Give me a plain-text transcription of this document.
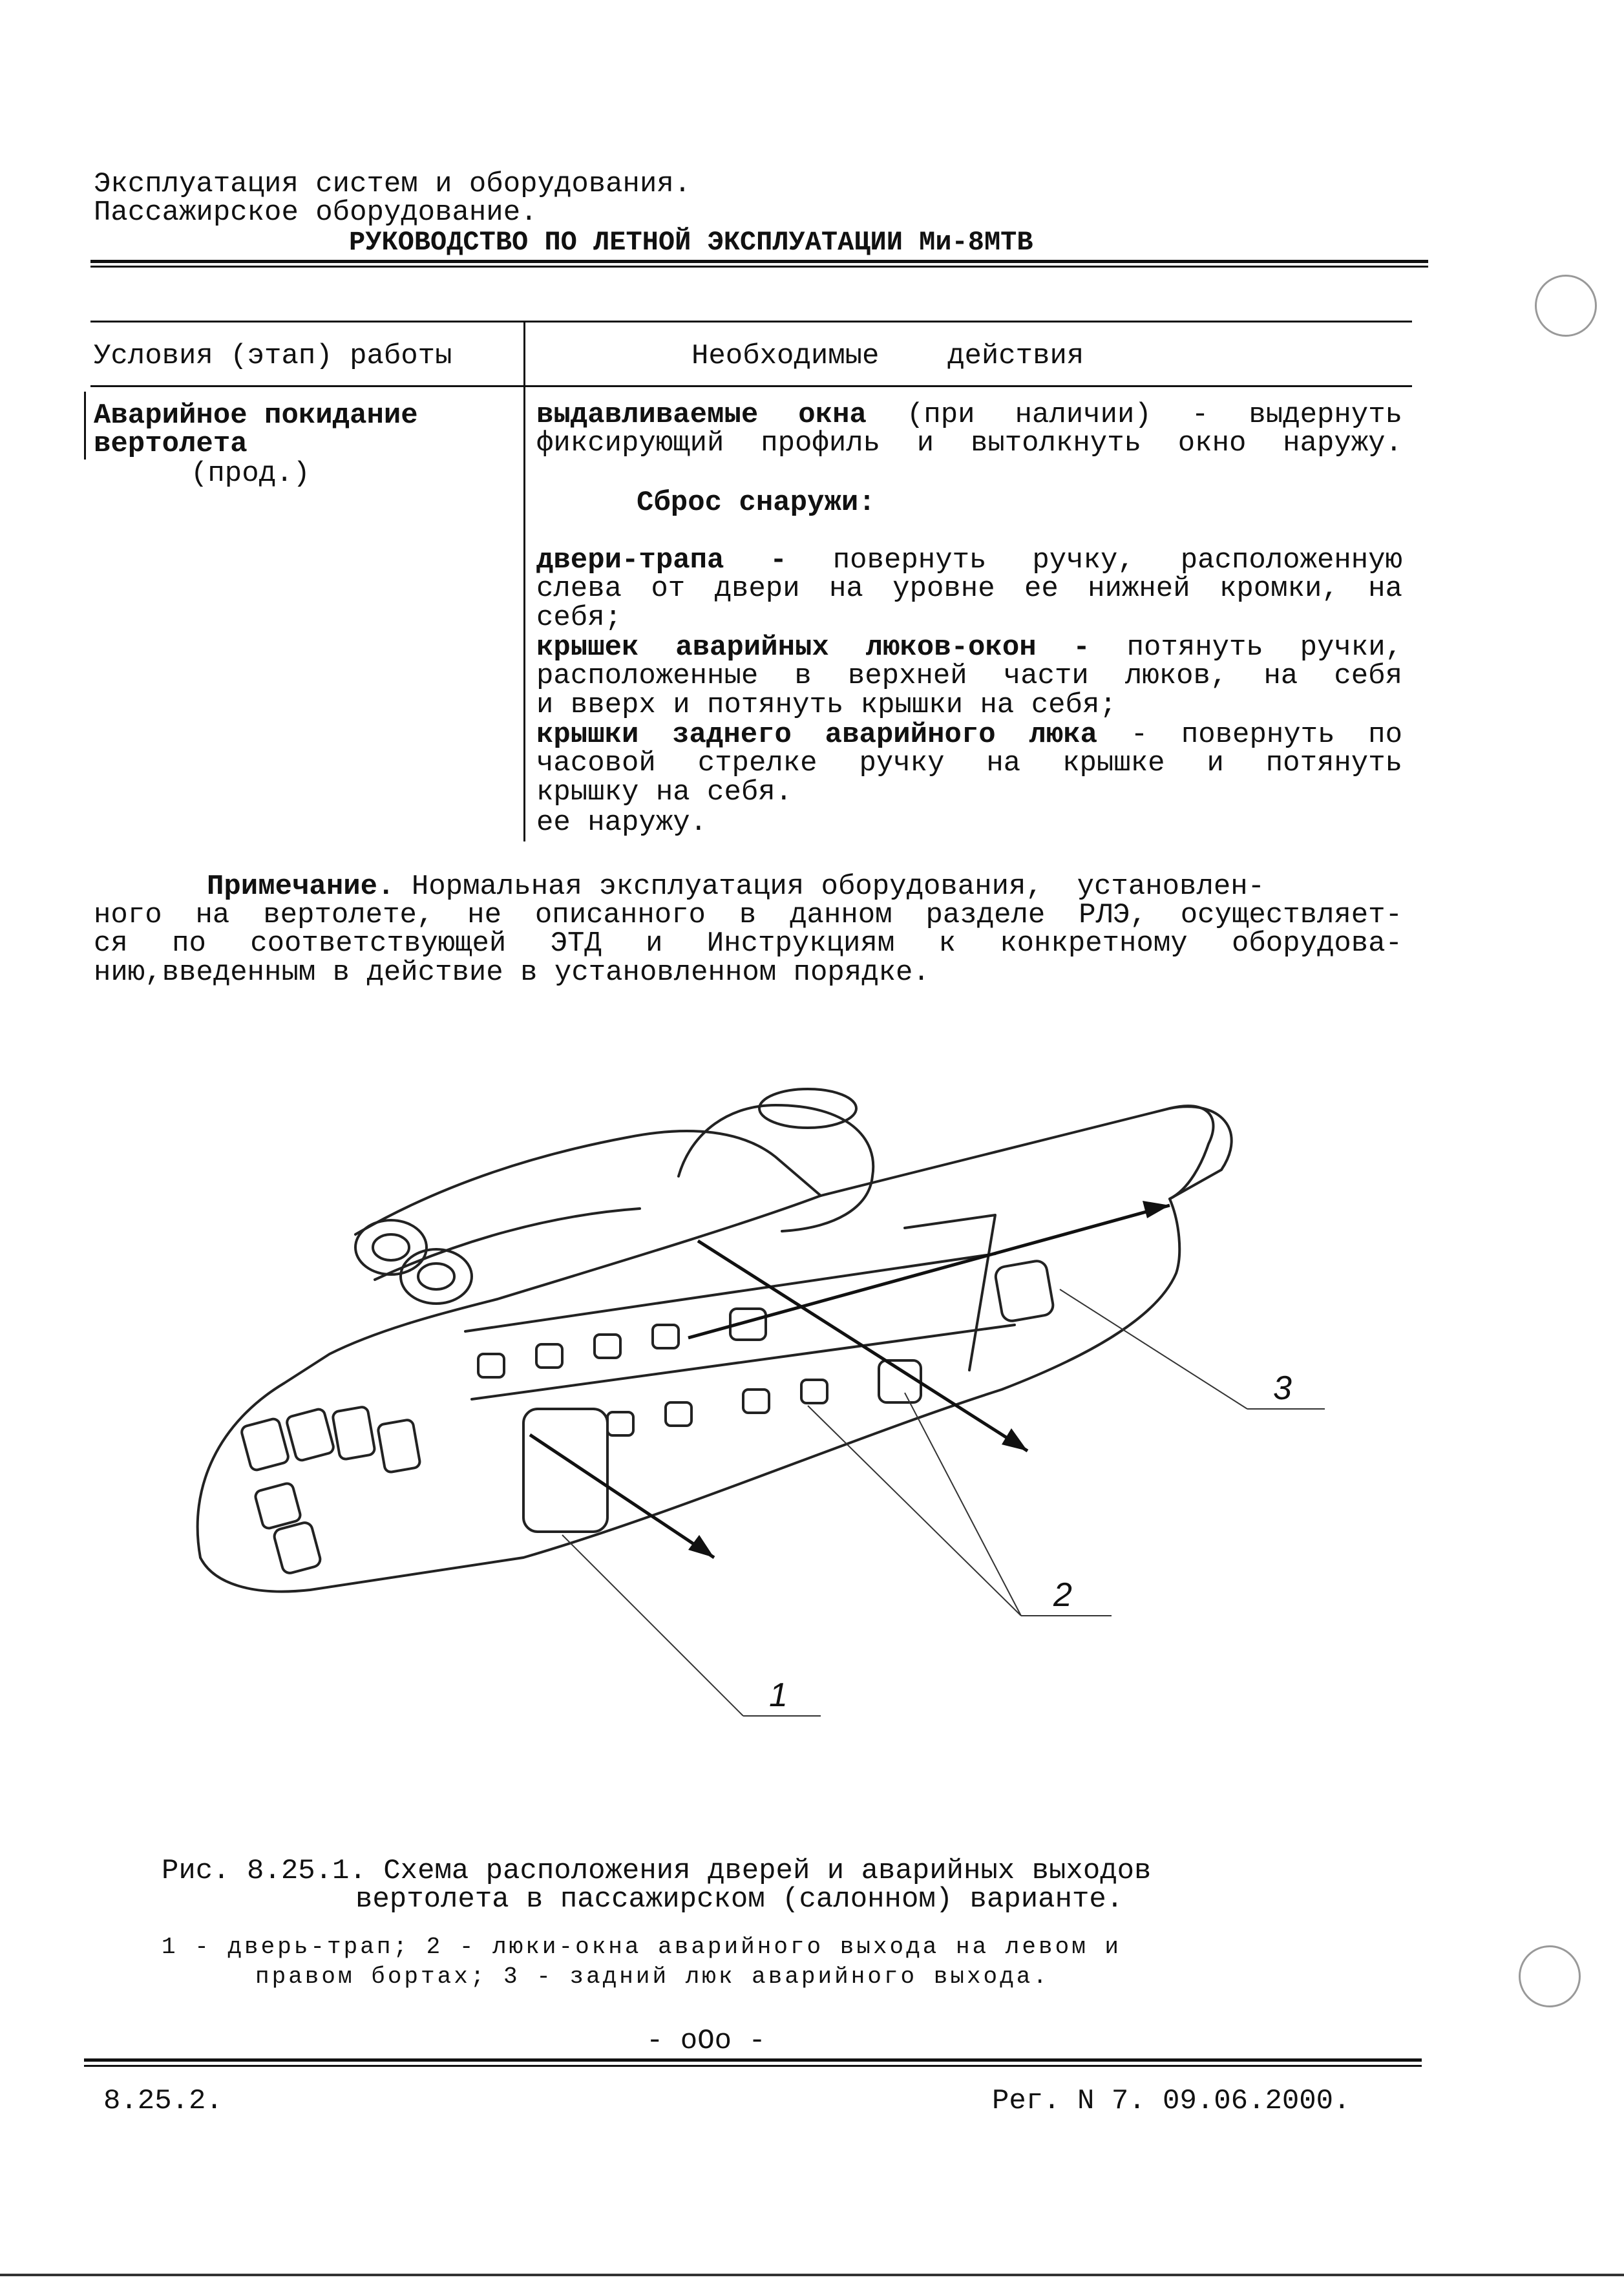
Эксплуатация систем и оборудования.
Пассажирское оборудование.
РУКОВОДСТВО ПО ЛЕТНОЙ ЭКСПЛУАТАЦИИ Ми-8МТВ
Условия (этап) работы	Необходимые    действия
Аварийное покидание
вертолета
(прод.)
выдавливаемые окна (при наличии) - выдернуть
фиксирующий профиль и вытолкнуть окно наружу.
Сброс снаружи:
двери-трапа - повернуть ручку, расположенную
слева от двери на уровне ее нижней кромки, на
себя;
крышек аварийных люков-окон - потянуть ручки,
расположенные в верхней части люков, на себя
и вверх и потянуть крышки на себя;
крышки заднего аварийного люка - повернуть по
часовой стрелке ручку на крышке и потянуть
крышку на себя.
ее наружу.
Примечание. Нормальная эксплуатация оборудования,  установлен-
ного на вертолете, не описанного в данном разделе РЛЭ, осуществляет-
ся по соответствующей ЭТД и Инструкциям к конкретному оборудова-
нию,введенным в действие в установленном порядке.
1
2
3
Рис. 8.25.1. Схема расположения дверей и аварийных выходов
вертолета в пассажирском (салонном) варианте.
1 - дверь-трап; 2 - люки-окна аварийного выхода на левом и
правом бортах; 3 - задний люк аварийного выхода.
- oOo -
8.25.2.	Рег. N 7. 09.06.2000.
